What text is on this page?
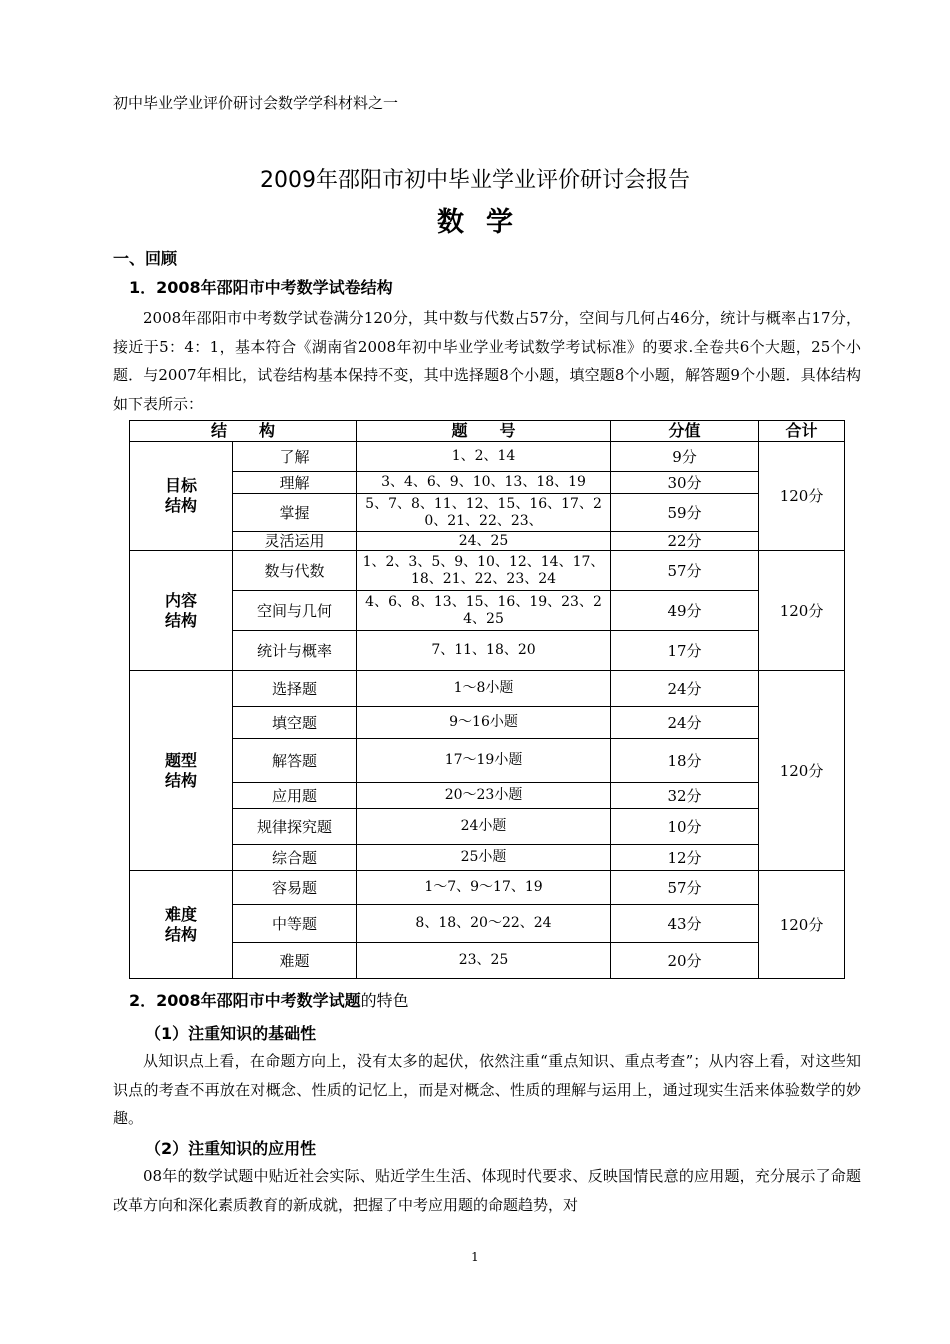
初中毕业学业评价研讨会数学学科材料之一
2009年邵阳市初中毕业学业评价研讨会报告
数学
一、回顾
1．2008年邵阳市中考数学试卷结构
2008年邵阳市中考数学试卷满分120分，其中数与代数占57分，空间与几何占46分，统计与概率占17分，接近于5：4：1，基本符合《湖南省2008年初中毕业学业考试数学考试标准》的要求.全卷共6个大题，25个小题．与2007年相比，试卷结构基本保持不变，其中选择题8个小题，填空题8个小题，解答题9个小题．具体结构如下表所示：
结　　构		题　　号	分值	合计
目标
结构	了解	1、2、14	9分	120分
	理解	3、4、6、9、10、13、18、19	30分	
	掌握	5、7、8、11、12、15、16、17、20、21、22、23、	59分	
	灵活运用	24、25	22分	
内容
结构	数与代数	1、2、3、5、9、10、12、14、17、18、21、22、23、24	57分	120分
	空间与几何	4、6、8、13、15、16、19、23、24、25	49分	
	统计与概率	7、11、18、20	17分	
题型
结构	选择题	1～8小题	24分	120分
	填空题	9～16小题	24分	
	解答题	17～19小题	18分	
	应用题	20～23小题	32分	
	规律探究题	24小题	10分	
	综合题	25小题	12分	
难度
结构	容易题	1～7、9～17、19	57分	120分
	中等题	8、18、20～22、24	43分	
	难题	23、25	20分	
2．2008年邵阳市中考数学试题的特色
（1）注重知识的基础性
从知识点上看，在命题方向上，没有太多的起伏，依然注重“重点知识、重点考查”；从内容上看，对这些知识点的考查不再放在对概念、性质的记忆上，而是对概念、性质的理解与运用上，通过现实生活来体验数学的妙趣。
（2）注重知识的应用性
08年的数学试题中贴近社会实际、贴近学生生活、体现时代要求、反映国情民意的应用题，充分展示了命题改革方向和深化素质教育的新成就，把握了中考应用题的命题趋势，对
1
